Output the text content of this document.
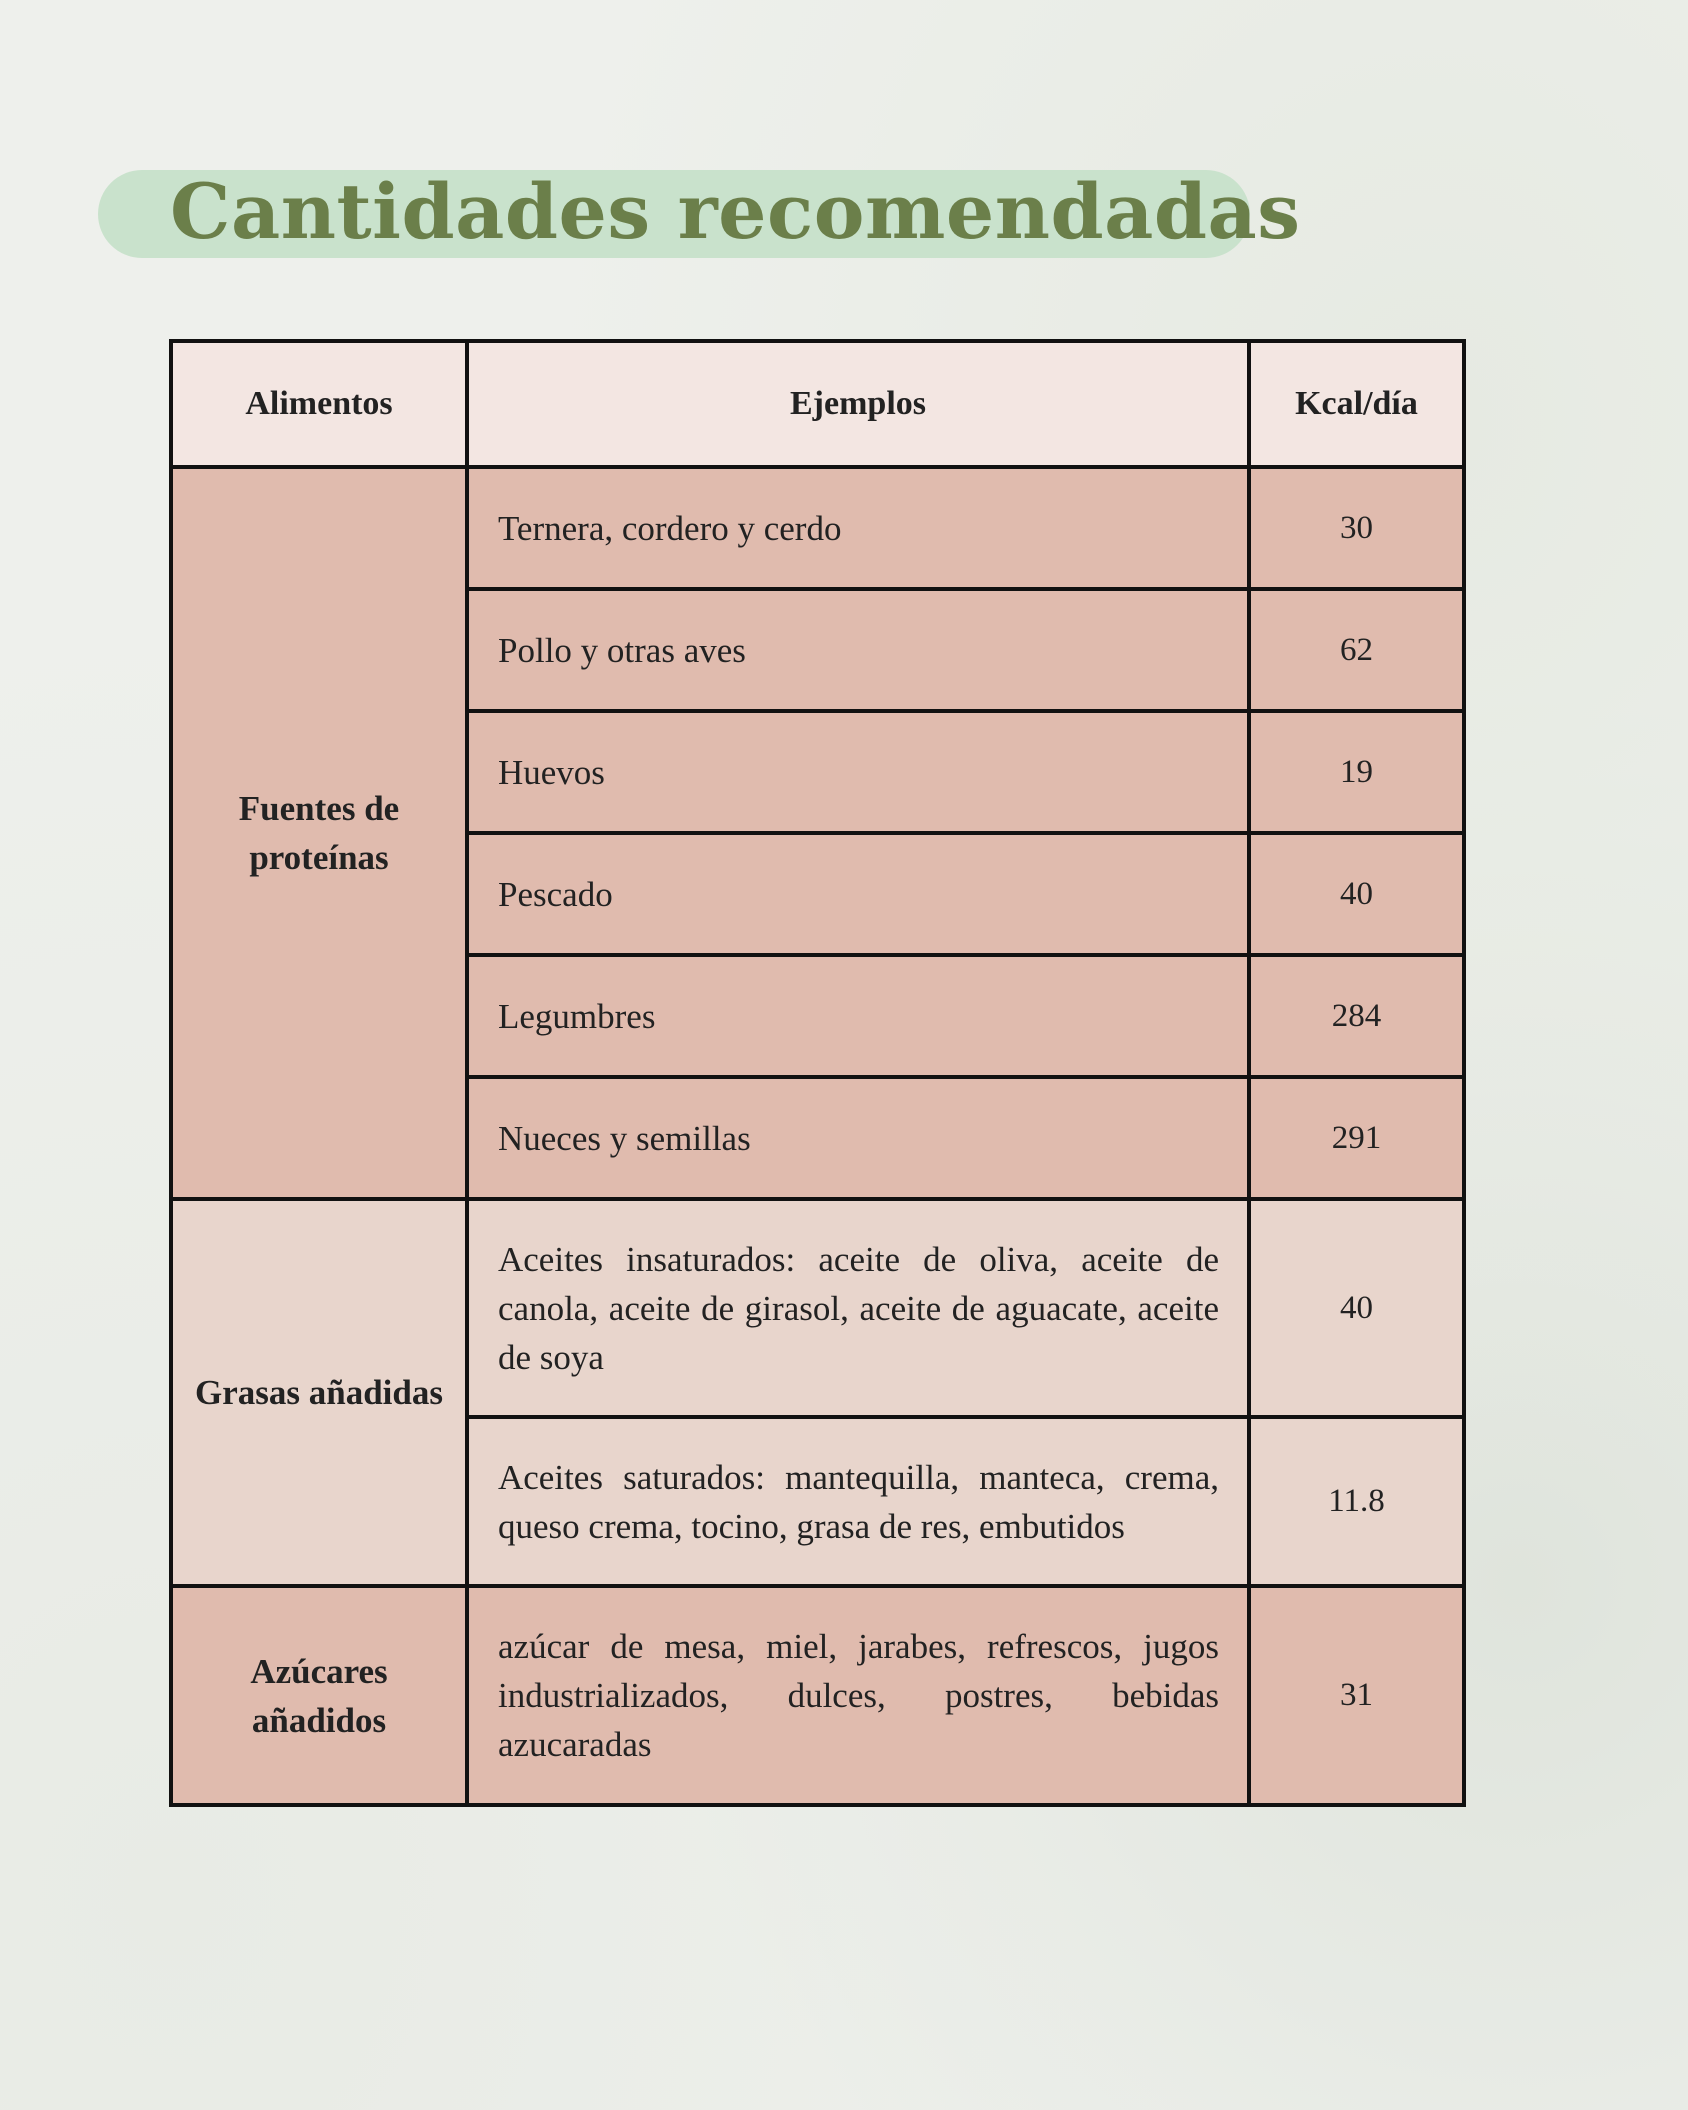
Cantidades recomendadas
Alimentos	Ejemplos	Kcal/día
Fuentes de proteínas	Ternera, cordero y cerdo	30
	Pollo y otras aves	62
	Huevos	19
	Pescado	40
	Legumbres	284
	Nueces y semillas	291
Grasas añadidas	Aceites insaturados: aceite de oliva, aceite de canola, aceite de girasol, aceite de aguacate, aceite de soya	40
	Aceites saturados: mantequilla, manteca, crema, queso crema, tocino, grasa de res, embutidos	11.8
Azúcares añadidos	azúcar de mesa, miel, jarabes, refrescos, jugos industrializados, dulces, postres, bebidas azucaradas	31
